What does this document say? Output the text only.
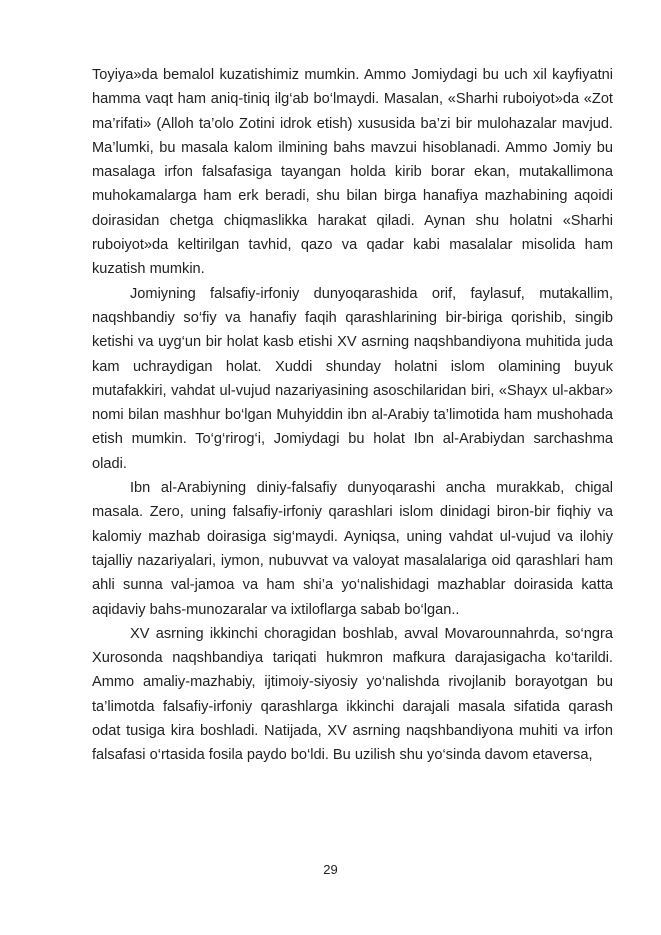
Toyiya»da bemalol kuzatishimiz mumkin. Ammo Jomiydagi bu uch xil kayfiyatni hamma vaqt ham aniq-tiniq ilg‘ab bo‘lmaydi. Masalan, «Sharhi ruboiyot»da «Zot ma’rifati» (Alloh ta’olo Zotini idrok etish) xususida ba’zi bir mulohazalar mavjud. Ma’lumki, bu masala kalom ilmining bahs mavzui hisoblanadi. Ammo Jomiy bu masalaga irfon falsafasiga tayangan holda kirib borar ekan, mutakallimona muhokamalarga ham erk beradi, shu bilan birga hanafiya mazhabining aqoidi doirasidan chetga chiqmaslikka harakat qiladi. Aynan shu holatni «Sharhi ruboiyot»da keltirilgan tavhid, qazo va qadar kabi masalalar misolida ham kuzatish mumkin.

Jomiyning falsafiy-irfoniy dunyoqarashida orif, faylasuf, mutakallim, naqshbandiy so‘fiy va hanafiy faqih qarashlarining bir-biriga qorishib, singib ketishi va uyg‘un bir holat kasb etishi XV asrning naqshbandiyona muhitida juda kam uchraydigan holat. Xuddi shunday holatni islom olamining buyuk mutafakkiri, vahdat ul-vujud nazariyasining asoschilaridan biri, «Shayx ul-akbar» nomi bilan mashhur bo‘lgan Muhyiddin ibn al-Arabiy ta’limotida ham mushohada etish mumkin. To‘g‘rirog‘i, Jomiydagi bu holat Ibn al-Arabiydan sarchashma oladi.

Ibn al-Arabiyning diniy-falsafiy dunyoqarashi ancha murakkab, chigal masala. Zero, uning falsafiy-irfoniy qarashlari islom dinidagi biron-bir fiqhiy va kalomiy mazhab doirasiga sig‘maydi. Ayniqsa, uning vahdat ul-vujud va ilohiy tajalliy nazariyalari, iymon, nubuvvat va valoyat masalalariga oid qarashlari ham ahli sunna val-jamoa va ham shi’a yo‘nalishidagi mazhablar doirasida katta aqidaviy bahs-munozaralar va ixtiloflarga sabab bo‘lgan..

XV asrning ikkinchi choragidan boshlab, avval Movarounnahrda, so‘ngra Xurosonda naqshbandiya tariqati hukmron mafkura darajasigacha ko‘tarildi. Ammo amaliy-mazhabiy, ijtimoiy-siyosiy yo‘nalishda rivojlanib borayotgan bu ta’limotda falsafiy-irfoniy qarashlarga ikkinchi darajali masala sifatida qarash odat tusiga kira boshladi. Natijada, XV asrning naqshbandiyona muhiti va irfon falsafasi o‘rtasida fosila paydo bo‘ldi. Bu uzilish shu yo‘sinda davom etaversa,

29
